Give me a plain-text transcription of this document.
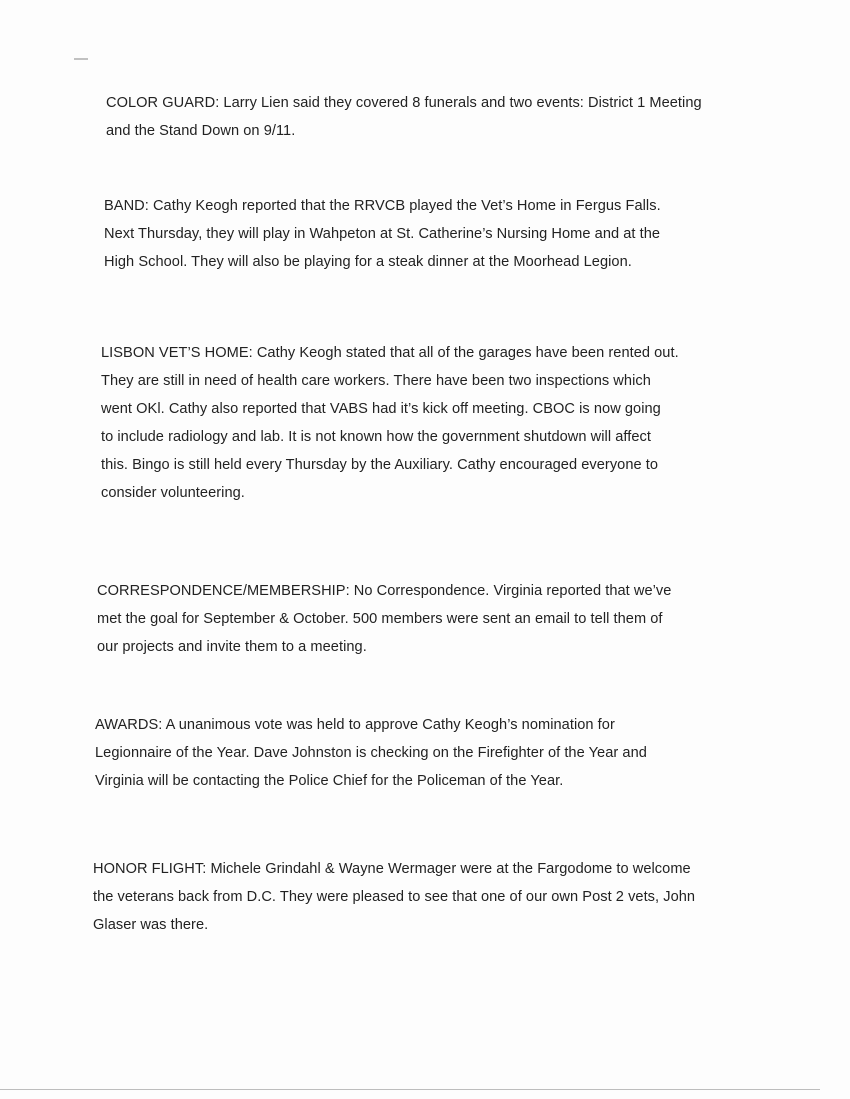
COLOR GUARD: Larry Lien said they covered 8 funerals and two events: District 1 Meeting
and the Stand Down on 9/11.

BAND: Cathy Keogh reported that the RRVCB played the Vet’s Home in Fergus Falls.
Next Thursday, they will play in Wahpeton at St. Catherine’s Nursing Home and at the
High School. They will also be playing for a steak dinner at the Moorhead Legion.

LISBON VET’S HOME: Cathy Keogh stated that all of the garages have been rented out.
They are still in need of health care workers. There have been two inspections which
went OKl. Cathy also reported that VABS had it’s kick off meeting. CBOC is now going
to include radiology and lab. It is not known how the government shutdown will affect
this. Bingo is still held every Thursday by the Auxiliary. Cathy encouraged everyone to
consider volunteering.

CORRESPONDENCE/MEMBERSHIP: No Correspondence. Virginia reported that we’ve
met the goal for September & October. 500 members were sent an email to tell them of
our projects and invite them to a meeting.

AWARDS: A unanimous vote was held to approve Cathy Keogh’s nomination for
Legionnaire of the Year. Dave Johnston is checking on the Firefighter of the Year and
Virginia will be contacting the Police Chief for the Policeman of the Year.

HONOR FLIGHT: Michele Grindahl & Wayne Wermager were at the Fargodome to welcome
the veterans back from D.C. They were pleased to see that one of our own Post 2 vets, John
Glaser was there.
